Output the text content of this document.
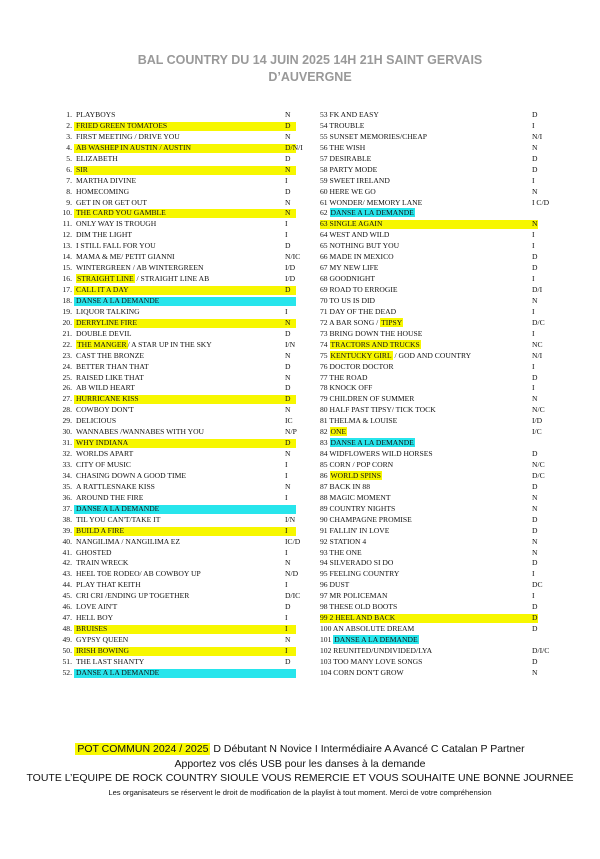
BAL COUNTRY DU 14 JUIN 2025 14H 21H SAINT GERVAIS
D’AUVERGNE
1. PLAYBOYS	N
2. FRIED GREEN TOMATOES	D
3. FIRST MEETING / DRIVE YOU	N
4. AB WASHEP IN AUSTIN / AUSTIN	D/N/I
5. ELIZABETH	D
6. SIR	N
7. MARTHA DIVINE	I
8. HOMECOMING	D
9. GET IN OR GET OUT	N
10. THE CARD YOU GAMBLE	N
11. ONLY WAY IS TROUGH	I
12. DIM THE LIGHT	I
13. I STILL FALL FOR YOU	D
14. MAMA & ME/ PETIT GIANNI	N/IC
15. WINTERGREEN / AB WINTERGREEN	I/D
16. STRAIGHT LINE / STRAIGHT LINE AB	I/D
17. CALL IT A DAY	D
18. DANSE A LA DEMANDE
19. LIQUOR TALKING	I
20. DERRYLINE FIRE	N
21. DOUBLE DEVIL	D
22. THE MANGER/ A STAR UP IN THE SKY	I/N
23. CAST THE BRONZE	N
24. BETTER THAN THAT	D
25. RAISED LIKE THAT	N
26. AB WILD HEART	D
27. HURRICANE KISS	D
28. COWBOY DON'T	N
29. DELICIOUS	IC
30. WANNABES /WANNABES WITH YOU	N/P
31. WHY INDIANA	D
32. WORLDS APART	N
33. CITY OF MUSIC	I
34. CHASING DOWN A GOOD TIME	I
35. A RATTLESNAKE KISS	N
36. AROUND THE FIRE	I
37. DANSE A LA DEMANDE
38. TIL YOU CAN'T/TAKE IT	I/N
39. BUILD A FIRE	I
40. NANGILIMA / NANGILIMA EZ	IC/D
41. GHOSTED	I
42. TRAIN WRECK	N
43. HEEL TOE RODEO/ AB COWBOY UP	N/D
44. PLAY THAT KEITH	I
45. CRI CRI /ENDING UP TOGETHER	D/IC
46. LOVE AIN'T	D
47. HELL BOY	I
48. BRUISES	I
49. GYPSY QUEEN	N
50. IRISH BOWING	I
51. THE LAST SHANTY	D
52. DANSE A LA DEMANDE
53 FK AND EASY	D
54 TROUBLE	I
55 SUNSET MEMORIES/CHEAP	N/I
56 THE WISH	N
57 DESIRABLE	D
58 PARTY MODE	D
59 SWEET IRELAND	I
60 HERE WE GO	N
61 WONDER/ MEMORY LANE	I C/D
62 DANSE A LA DEMANDE
63 SINGLE AGAIN	N
64 WEST AND WILD	I
65 NOTHING BUT YOU	I
66 MADE IN MEXICO	D
67 MY NEW LIFE	D
68 GOODNIGHT	I
69 ROAD TO ERROGIE	D/I
70 TO US IS DID	N
71 DAY OF THE DEAD	I
72 A BAR SONG / TIPSY	D/C
73 BRING DOWN THE HOUSE	I
74 TRACTORS AND TRUCKS	NC
75 KENTUCKY GIRL / GOD AND COUNTRY	N/I
76 DOCTOR DOCTOR	I
77 THE ROAD	D
78 KNOCK OFF	I
79 CHILDREN OF SUMMER	N
80 HALF PAST TIPSY/ TICK TOCK	N/C
81 THELMA & LOUISE	I/D
82 ONE	I/C
83 DANSE A LA DEMANDE
84 WIDFLOWERS WILD HORSES	D
85 CORN / POP CORN	N/C
86 WORLD SPINS	D/C
87 BACK IN 88	D
88 MAGIC MOMENT	N
89 COUNTRY NIGHTS	N
90 CHAMPAGNE PROMISE	D
91 FALLIN' IN LOVE	D
92 STATION 4	N
93 THE ONE	N
94 SILVERADO SI DO	D
95 FEELING COUNTRY	I
96 DUST	DC
97 MR POLICEMAN	I
98 THESE OLD BOOTS	D
99 2 HEEL AND BACK	D
100 AN ABSOLUTE DREAM	D
101 DANSE A LA DEMANDE
102 REUNITED/UNDIVIDED/LYA	D/I/C
103 TOO MANY LOVE SONGS	D
104 CORN DON'T GROW	N
POT COMMUN 2024 / 2025 D Débutant N Novice I Intermédiaire A Avancé C Catalan P Partner
Apportez vos clés USB pour les danses à la demande
TOUTE L’EQUIPE DE ROCK COUNTRY SIOULE VOUS REMERCIE ET VOUS SOUHAITE UNE BONNE JOURNEE
Les organisateurs se réservent le droit de modification de la playlist à tout moment. Merci de votre compréhension
